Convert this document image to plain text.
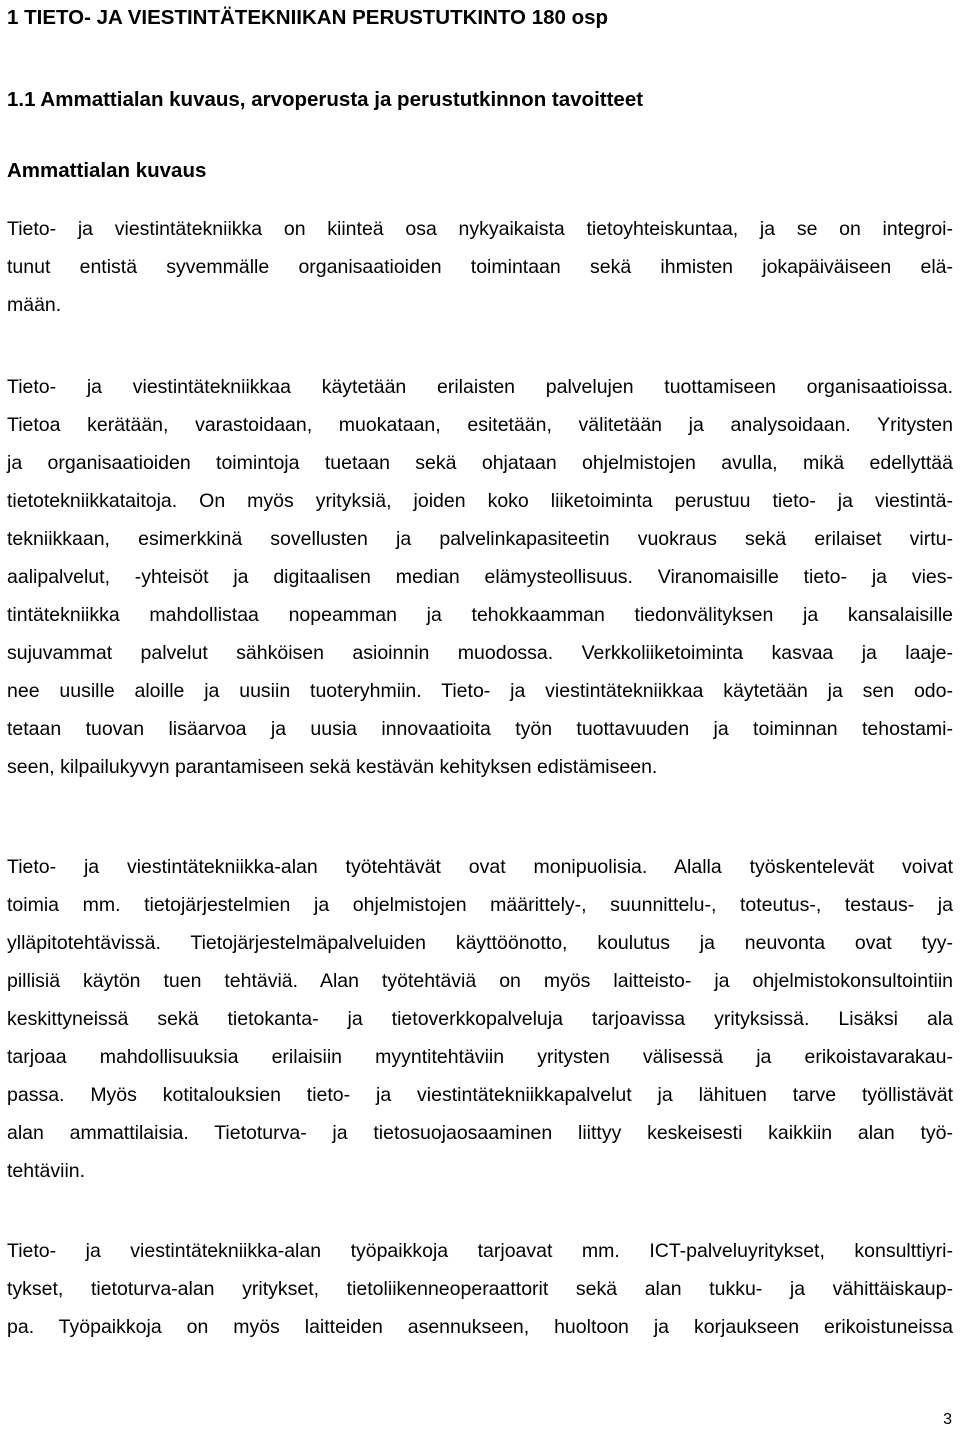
1 TIETO- JA VIESTINTÄTEKNIIKAN PERUSTUTKINTO 180 osp
1.1 Ammattialan kuvaus, arvoperusta ja perustutkinnon tavoitteet
Ammattialan kuvaus
Tieto- ja viestintätekniikka on kiinteä osa nykyaikaista tietoyhteiskuntaa, ja se on integroi-
tunut entistä syvemmälle organisaatioiden toimintaan sekä ihmisten jokapäiväiseen elä-
mään.
Tieto- ja viestintätekniikkaa käytetään erilaisten palvelujen tuottamiseen organisaatioissa.
Tietoa kerätään, varastoidaan, muokataan, esitetään, välitetään ja analysoidaan. Yritysten
ja organisaatioiden toimintoja tuetaan sekä ohjataan ohjelmistojen avulla, mikä edellyttää
tietotekniikkataitoja. On myös yrityksiä, joiden koko liiketoiminta perustuu tieto- ja viestintä-
tekniikkaan, esimerkkinä sovellusten ja palvelinkapasiteetin vuokraus sekä erilaiset virtu-
aalipalvelut, -yhteisöt ja digitaalisen median elämysteollisuus. Viranomaisille tieto- ja vies-
tintätekniikka mahdollistaa nopeamman ja tehokkaamman tiedonvälityksen ja kansalaisille
sujuvammat palvelut sähköisen asioinnin muodossa. Verkkoliiketoiminta kasvaa ja laaje-
nee uusille aloille ja uusiin tuoteryhmiin. Tieto- ja viestintätekniikkaa käytetään ja sen odo-
tetaan tuovan lisäarvoa ja uusia innovaatioita työn tuottavuuden ja toiminnan tehostami-
seen, kilpailukyvyn parantamiseen sekä kestävän kehityksen edistämiseen.
Tieto- ja viestintätekniikka-alan työtehtävät ovat monipuolisia. Alalla työskentelevät voivat
toimia mm. tietojärjestelmien ja ohjelmistojen määrittely-, suunnittelu-, toteutus-, testaus- ja
ylläpitotehtävissä. Tietojärjestelmäpalveluiden käyttöönotto, koulutus ja neuvonta ovat tyy-
pillisiä käytön tuen tehtäviä. Alan työtehtäviä on myös laitteisto- ja ohjelmistokonsultointiin
keskittyneissä sekä tietokanta- ja tietoverkkopalveluja tarjoavissa yrityksissä. Lisäksi ala
tarjoaa mahdollisuuksia erilaisiin myyntitehtäviin yritysten välisessä ja erikoistavarakau-
passa. Myös kotitalouksien tieto- ja viestintätekniikkapalvelut ja lähituen tarve työllistävät
alan ammattilaisia. Tietoturva- ja tietosuojaosaaminen liittyy keskeisesti kaikkiin alan työ-
tehtäviin.
Tieto- ja viestintätekniikka-alan työpaikkoja tarjoavat mm. ICT-palveluyritykset, konsulttiyri-
tykset, tietoturva-alan yritykset, tietoliikenneoperaattorit sekä alan tukku- ja vähittäiskaup-
pa. Työpaikkoja on myös laitteiden asennukseen, huoltoon ja korjaukseen erikoistuneissa
3
